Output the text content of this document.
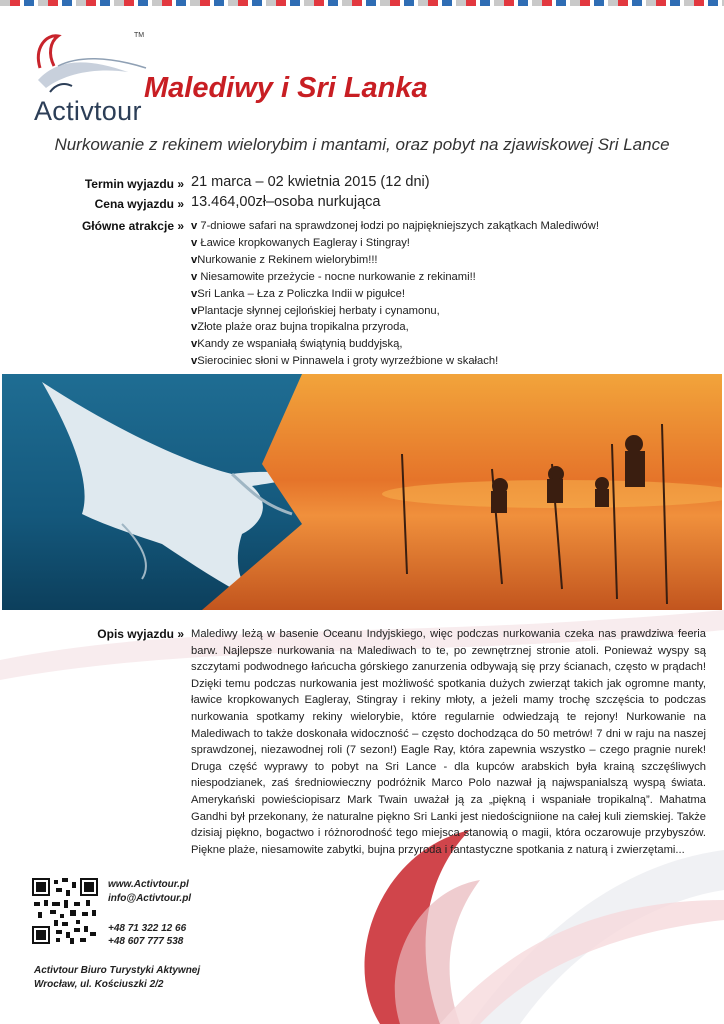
TM
Activtour
Malediwy i Sri Lanka
Nurkowanie z rekinem wielorybim i mantami, oraz pobyt na zjawiskowej Sri Lance
Termin wyjazdu » 21 marca – 02 kwietnia 2015 (12 dni)
Cena wyjazdu » 13.464,00zł–osoba nurkująca
Główne atrakcje » v 7-dniowe safari na sprawdzonej łodzi po najpiękniejszych zakątkach Malediwów!
v Ławice kropkowanych Eagleray i Stingray!
vNurkowanie z Rekinem wielorybim!!!
v Niesamowite przeżycie - nocne nurkowanie z rekinami!!
vSri Lanka – Łza z Policzka Indii w pigułce!
vPlantacje słynnej cejlońskiej herbaty i cynamonu,
vZłote plaże oraz bujna tropikalna przyroda,
vKandy ze wspaniałą świątynią buddyjską,
vSierociniec słoni w Pinnawela i groty wyrzeźbione w skałach!
Opis wyjazdu » Malediwy leżą w basenie Oceanu Indyjskiego, więc podczas nurkowania czeka nas prawdziwa feeria barw. Najlepsze nurkowania na Malediwach to te, po zewnętrznej stronie atoli. Ponieważ wyspy są szczytami podwodnego łańcucha górskiego zanurzenia odbywają się przy ścianach, często w prądach! Dzięki temu podczas nurkowania jest możliwość spotkania dużych zwierząt takich jak ogromne manty, ławice kropkowanych Eagleray, Stingray i rekiny młoty, a jeżeli mamy trochę szczęścia to podczas nurkowania spotkamy rekiny wielorybie, które regularnie odwiedzają te rejony! Nurkowanie na Malediwach to także doskonała widoczność – często dochodząca do 50 metrów! 7 dni w raju na naszej sprawdzonej, niezawodnej roli (7 sezon!) Eagle Ray, która zapewnia wszystko – czego pragnie nurek! Druga część wyprawy to pobyt na Sri Lance - dla kupców arabskich była krainą szczęśliwych niespodzianek, zaś średniowieczny podróżnik Marco Polo nazwał ją najwspanialszą wyspą świata. Amerykański powieściopisarz Mark Twain uważał ją za „piękną i wspaniałe tropikalną”. Mahatma Gandhi był przekonany, że naturalne piękno Sri Lanki jest niedościgniione na całej kuli ziemskiej. Także dzisiaj piękno, bogactwo i różnorodność tego miejsca stanowią o magii, która oczarowuje przybyszów. Piękne plaże, niesamowite zabytki, bujna przyroda i fantastyczne spotkania z naturą i zwierzętami...

www.Activtour.pl
info@Activtour.pl
+48 71 322 12 66
+48 607 777 538
Activtour Biuro Turystyki Aktywnej
Wrocław, ul. Kościuszki 2/2
